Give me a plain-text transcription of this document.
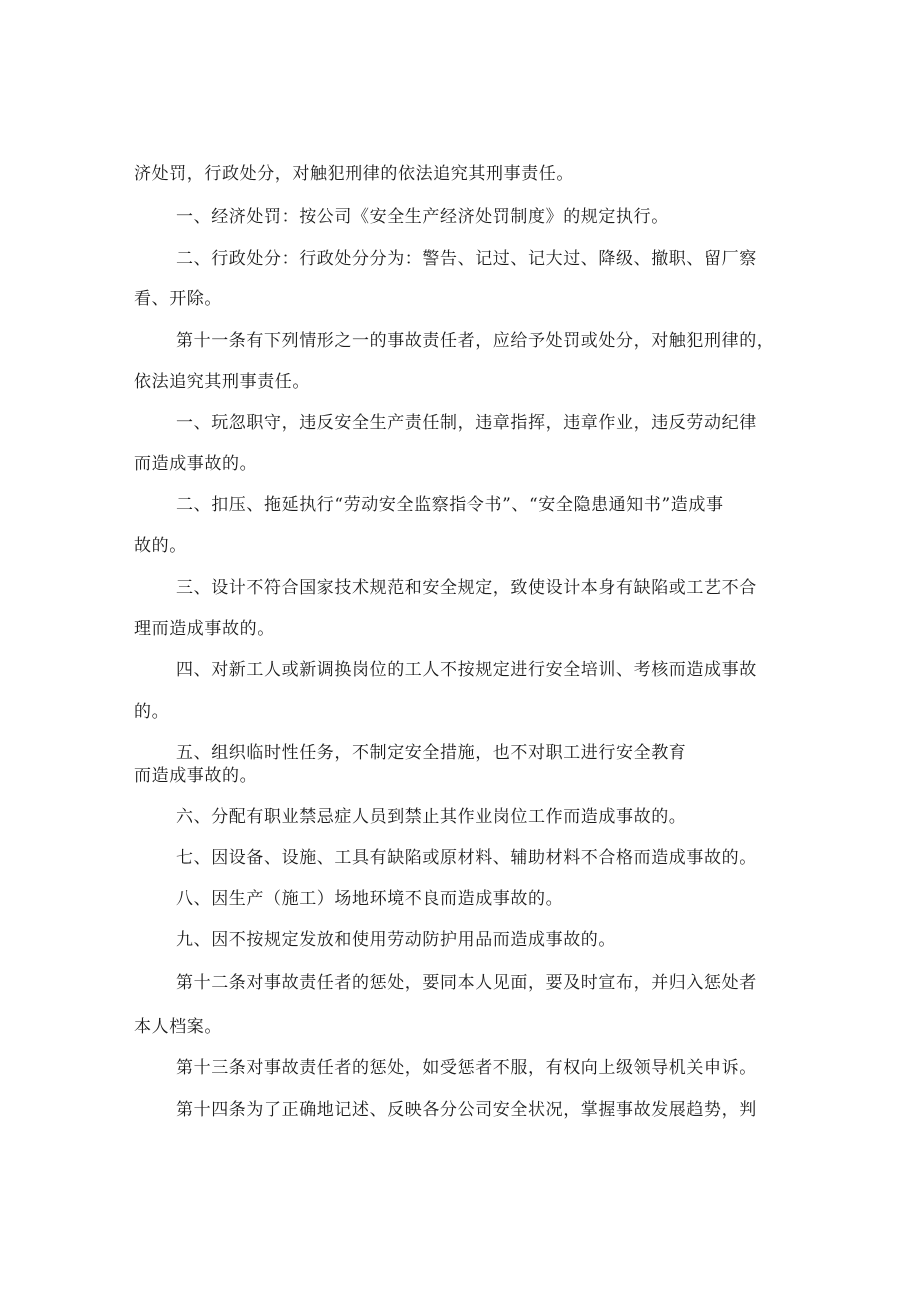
济处罚，行政处分，对触犯刑律的依法追究其刑事责任。
一、经济处罚：按公司《安全生产经济处罚制度》的规定执行。
二、行政处分：行政处分分为：警告、记过、记大过、降级、撤职、留厂察
看、开除。
第十一条有下列情形之一的事故责任者，应给予处罚或处分，对触犯刑律的，
依法追究其刑事责任。
一、玩忽职守，违反安全生产责任制，违章指挥，违章作业，违反劳动纪律
而造成事故的。
二、扣压、拖延执行“劳动安全监察指令书”、“安全隐患通知书”造成事
故的。
三、设计不符合国家技术规范和安全规定，致使设计本身有缺陷或工艺不合
理而造成事故的。
四、对新工人或新调换岗位的工人不按规定进行安全培训、考核而造成事故
的。
五、组织临时性任务，不制定安全措施，也不对职工进行安全教育
而造成事故的。
六、分配有职业禁忌症人员到禁止其作业岗位工作而造成事故的。
七、因设备、设施、工具有缺陷或原材料、辅助材料不合格而造成事故的。
八、因生产（施工）场地环境不良而造成事故的。
九、因不按规定发放和使用劳动防护用品而造成事故的。
第十二条对事故责任者的惩处，要同本人见面，要及时宣布，并归入惩处者
本人档案。
第十三条对事故责任者的惩处，如受惩者不服，有权向上级领导机关申诉。
第十四条为了正确地记述、反映各分公司安全状况，掌握事故发展趋势，判
